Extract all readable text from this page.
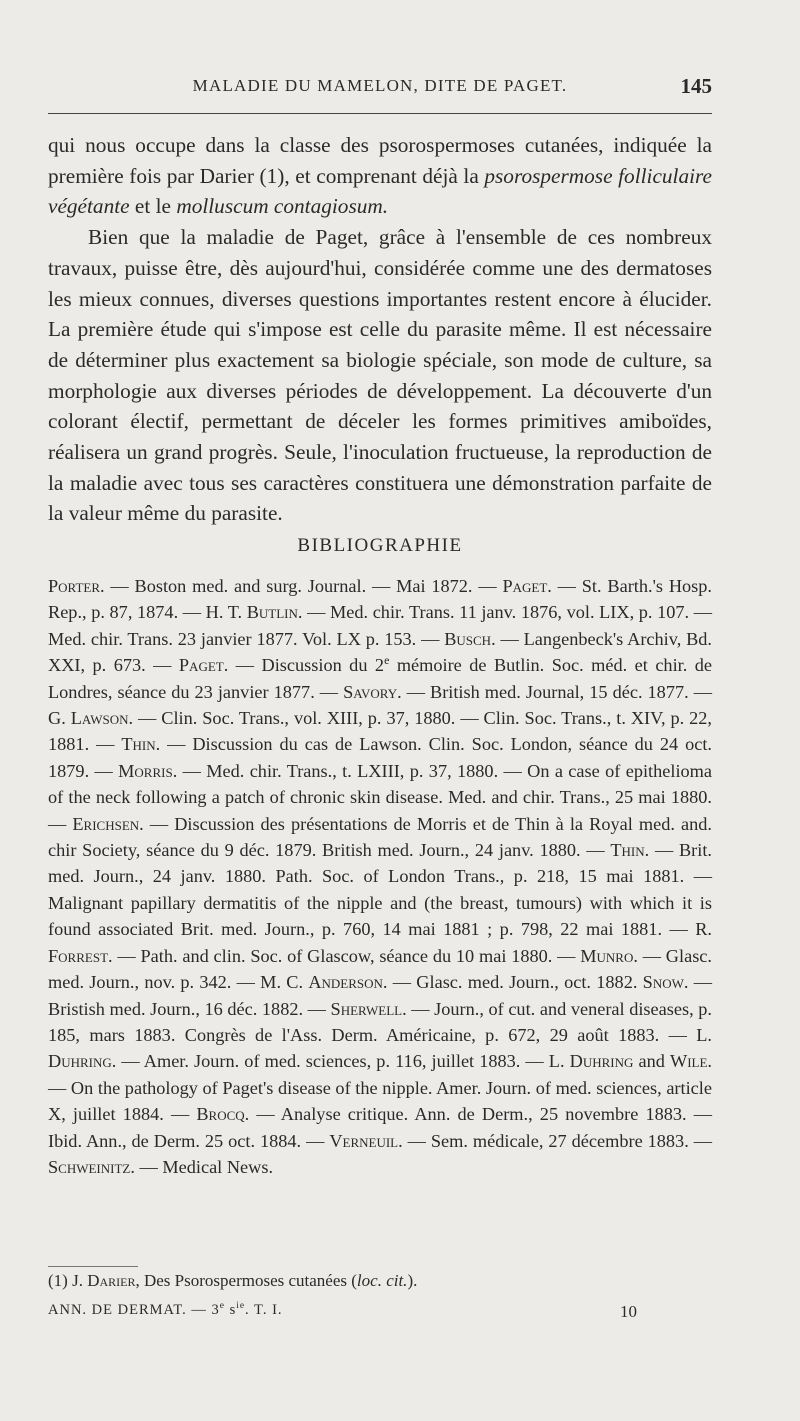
MALADIE DU MAMELON, DITE DE PAGET.	145

qui nous occupe dans la classe des psorospermoses cutanées, indiquée la première fois par Darier (1), et comprenant déjà la psorospermose folliculaire végétante et le molluscum contagiosum.

Bien que la maladie de Paget, grâce à l'ensemble de ces nombreux travaux, puisse être, dès aujourd'hui, considérée comme une des dermatoses les mieux connues, diverses questions importantes restent encore à élucider. La première étude qui s'impose est celle du parasite même. Il est nécessaire de déterminer plus exactement sa biologie spéciale, son mode de culture, sa morphologie aux diverses périodes de développement. La découverte d'un colorant électif, permettant de déceler les formes primitives amiboïdes, réalisera un grand progrès. Seule, l'inoculation fructueuse, la reproduction de la maladie avec tous ses caractères constituera une démonstration parfaite de la valeur même du parasite.

BIBLIOGRAPHIE

Porter. — Boston med. and surg. Journal. — Mai 1872. — Paget. — St. Barth.'s Hosp. Rep., p. 87, 1874. — H. T. Butlin. — Med. chir. Trans. 11 janv. 1876, vol. LIX, p. 107. — Med. chir. Trans. 23 janvier 1877. Vol. LX p. 153. — Busch. — Langenbeck's Archiv, Bd. XXI, p. 673. — Paget. — Discussion du 2e mémoire de Butlin. Soc. méd. et chir. de Londres, séance du 23 janvier 1877. — Savory. — British med. Journal, 15 déc. 1877. — G. Lawson. — Clin. Soc. Trans., vol. XIII, p. 37, 1880. — Clin. Soc. Trans., t. XIV, p. 22, 1881. — Thin. — Discussion du cas de Lawson. Clin. Soc. London, séance du 24 oct. 1879. — Morris. — Med. chir. Trans., t. LXIII, p. 37, 1880. — On a case of epithelioma of the neck following a patch of chronic skin disease. Med. and chir. Trans., 25 mai 1880. — Erichsen. — Discussion des présentations de Morris et de Thin à la Royal med. and. chir Society, séance du 9 déc. 1879. British med. Journ., 24 janv. 1880. — Thin. — Brit. med. Journ., 24 janv. 1880. Path. Soc. of London Trans., p. 218, 15 mai 1881. — Malignant papillary dermatitis of the nipple and (the breast, tumours) with which it is found associated Brit. med. Journ., p. 760, 14 mai 1881 ; p. 798, 22 mai 1881. — R. Forrest. — Path. and clin. Soc. of Glascow, séance du 10 mai 1880. — Munro. — Glasc. med. Journ., nov. p. 342. — M. C. Anderson. — Glasc. med. Journ., oct. 1882. Snow. — Bristish med. Journ., 16 déc. 1882. — Sherwell. — Journ., of cut. and veneral diseases, p. 185, mars 1883. Congrès de l'Ass. Derm. Américaine, p. 672, 29 août 1883. — L. Duhring. — Amer. Journ. of med. sciences, p. 116, juillet 1883. — L. Duhring and Wile. — On the pathology of Paget's disease of the nipple. Amer. Journ. of med. sciences, article X, juillet 1884. — Brocq. — Analyse critique. Ann. de Derm., 25 novembre 1883. — Ibid. Ann., de Derm. 25 oct. 1884. — Verneuil. — Sem. médicale, 27 décembre 1883. — Schweinitz. — Medical News.

(1) J. Darier, Des Psorospermoses cutanées (loc. cit.).
ANN. DE DERMAT. — 3e $s^{ie}$. T. I.	10
